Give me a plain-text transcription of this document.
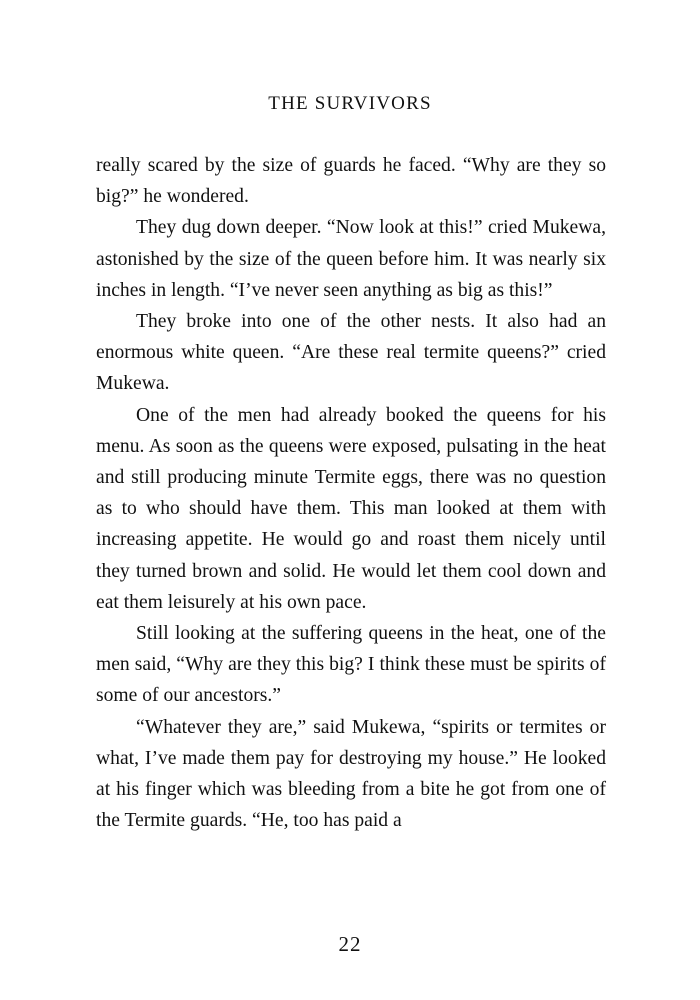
THE SURVIVORS

really scared by the size of guards he faced. “Why are they so big?” he wondered.

They dug down deeper. “Now look at this!” cried Mukewa, astonished by the size of the queen before him. It was nearly six inches in length. “I’ve never seen anything as big as this!”

They broke into one of the other nests. It also had an enormous white queen. “Are these real termite queens?” cried Mukewa.

One of the men had already booked the queens for his menu. As soon as the queens were exposed, pulsating in the heat and still producing minute Termite eggs, there was no question as to who should have them. This man looked at them with increasing appetite. He would go and roast them nicely until they turned brown and solid. He would let them cool down and eat them leisurely at his own pace.

Still looking at the suffering queens in the heat, one of the men said, “Why are they this big? I think these must be spirits of some of our ancestors.”

“Whatever they are,” said Mukewa, “spirits or termites or what, I’ve made them pay for destroying my house.” He looked at his finger which was bleeding from a bite he got from one of the Termite guards. “He, too has paid a

22
